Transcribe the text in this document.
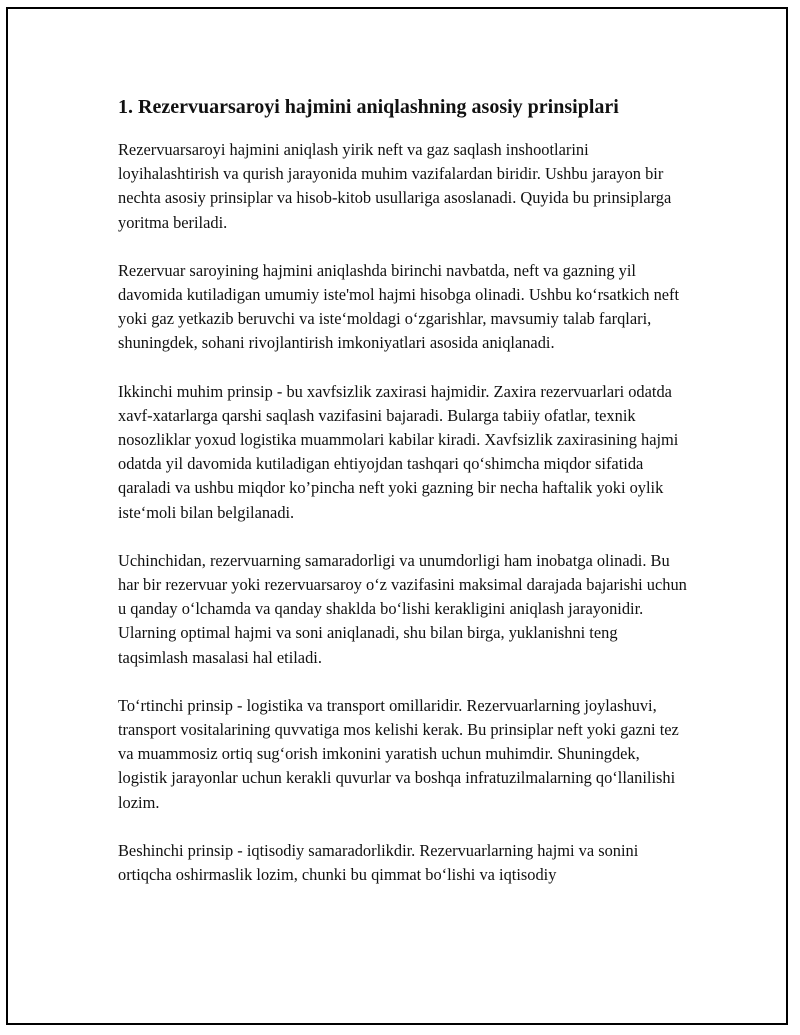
1. Rezervuarsaroyi hajmini aniqlashning asosiy prinsiplari

Rezervuarsaroyi hajmini aniqlash yirik neft va gaz saqlash inshootlarini loyihalashtirish va qurish jarayonida muhim vazifalardan biridir. Ushbu jarayon bir nechta asosiy prinsiplar va hisob-kitob usullariga asoslanadi. Quyida bu prinsiplarga yoritma beriladi.

Rezervuar saroyining hajmini aniqlashda birinchi navbatda, neft va gazning yil davomida kutiladigan umumiy iste'mol hajmi hisobga olinadi. Ushbu ko‘rsatkich neft yoki gaz yetkazib beruvchi va iste‘moldagi o‘zgarishlar, mavsumiy talab farqlari, shuningdek, sohani rivojlantirish imkoniyatlari asosida aniqlanadi.

Ikkinchi muhim prinsip - bu xavfsizlik zaxirasi hajmidir. Zaxira rezervuarlari odatda xavf-xatarlarga qarshi saqlash vazifasini bajaradi. Bularga tabiiy ofatlar, texnik nosozliklar yoxud logistika muammolari kabilar kiradi. Xavfsizlik zaxirasining hajmi odatda yil davomida kutiladigan ehtiyojdan tashqari qo‘shimcha miqdor sifatida qaraladi va ushbu miqdor ko’pincha neft yoki gazning bir necha haftalik yoki oylik iste‘moli bilan belgilanadi.

Uchinchidan, rezervuarning samaradorligi va unumdorligi ham inobatga olinadi. Bu har bir rezervuar yoki rezervuarsaroy o‘z vazifasini maksimal darajada bajarishi uchun u qanday o‘lchamda va qanday shaklda bo‘lishi kerakligini aniqlash jarayonidir. Ularning optimal hajmi va soni aniqlanadi, shu bilan birga, yuklanishni teng taqsimlash masalasi hal etiladi.

To‘rtinchi prinsip - logistika va transport omillaridir. Rezervuarlarning joylashuvi, transport vositalarining quvvatiga mos kelishi kerak. Bu prinsiplar neft yoki gazni tez va muammosiz ortiq sug‘orish imkonini yaratish uchun muhimdir. Shuningdek, logistik jarayonlar uchun kerakli quvurlar va boshqa infratuzilmalarning qo‘llanilishi lozim.

Beshinchi prinsip - iqtisodiy samaradorlikdir. Rezervuarlarning hajmi va sonini ortiqcha oshirmaslik lozim, chunki bu qimmat bo‘lishi va iqtisodiy
